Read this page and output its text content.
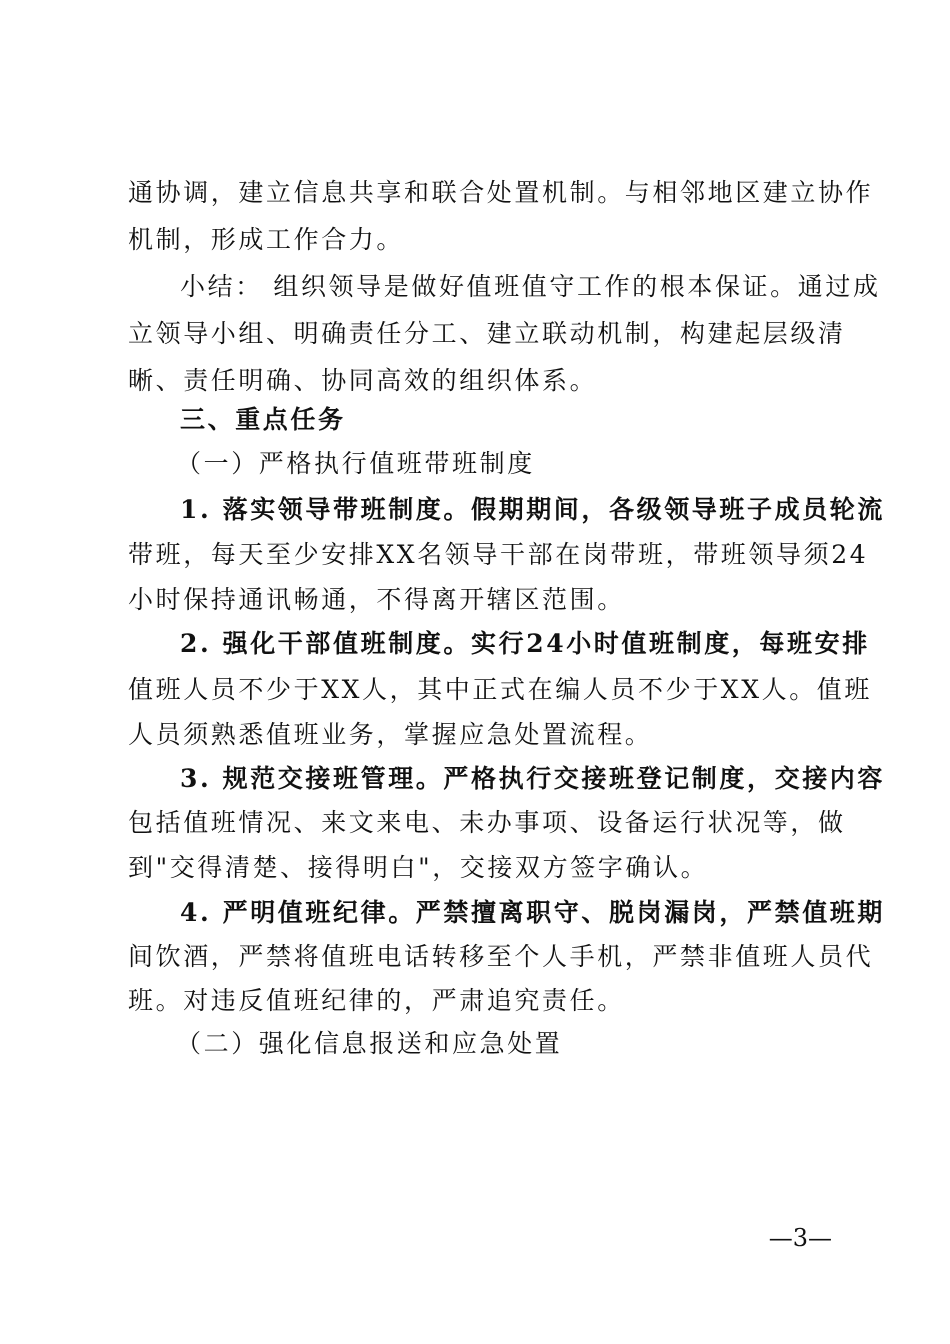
通协调，建立信息共享和联合处置机制。与相邻地区建立协作
机制，形成工作合力。
小结： 组织领导是做好值班值守工作的根本保证。通过成
立领导小组、明确责任分工、建立联动机制，构建起层级清
晰、责任明确、协同高效的组织体系。
三、重点任务
（一）严格执行值班带班制度
1. 落实领导带班制度。假期期间，各级领导班子成员轮流
带班，每天至少安排XX名领导干部在岗带班，带班领导须24
小时保持通讯畅通，不得离开辖区范围。
2. 强化干部值班制度。实行24小时值班制度，每班安排
值班人员不少于XX人，其中正式在编人员不少于XX人。值班
人员须熟悉值班业务，掌握应急处置流程。
3. 规范交接班管理。严格执行交接班登记制度，交接内容
包括值班情况、来文来电、未办事项、设备运行状况等，做
到"交得清楚、接得明白"，交接双方签字确认。
4. 严明值班纪律。严禁擅离职守、脱岗漏岗，严禁值班期
间饮酒，严禁将值班电话转移至个人手机，严禁非值班人员代
班。对违反值班纪律的，严肃追究责任。
（二）强化信息报送和应急处置
—3—
